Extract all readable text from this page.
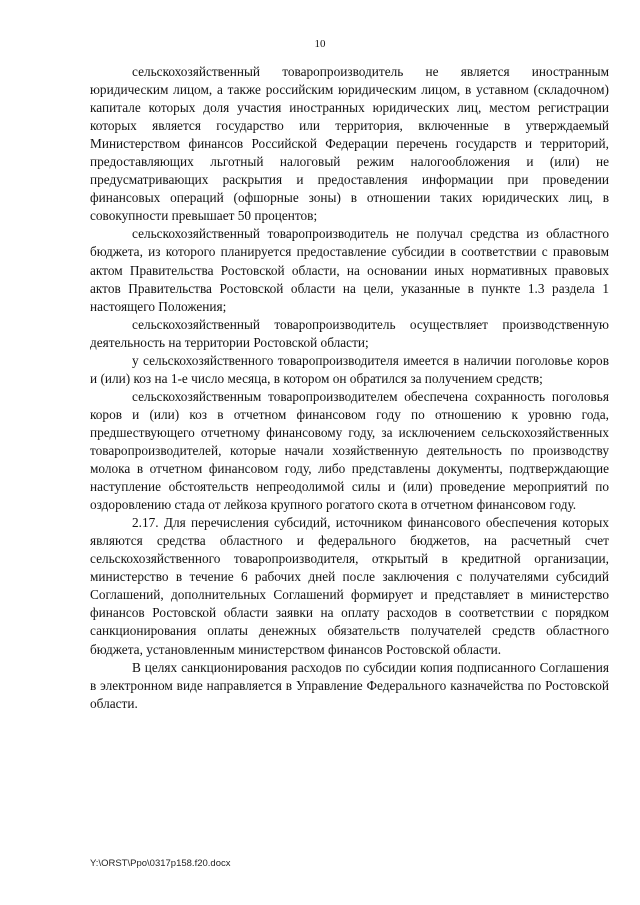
10

сельскохозяйственный товаропроизводитель не является иностранным юридическим лицом, а также российским юридическим лицом, в уставном (складочном) капитале которых доля участия иностранных юридических лиц, местом регистрации которых является государство или территория, включенные в утверждаемый Министерством финансов Российской Федерации перечень государств и территорий, предоставляющих льготный налоговый режим налогообложения и (или) не предусматривающих раскрытия и предоставления информации при проведении финансовых операций (офшорные зоны) в отношении таких юридических лиц, в совокупности превышает 50 процентов;

сельскохозяйственный товаропроизводитель не получал средства из областного бюджета, из которого планируется предоставление субсидии в соответствии с правовым актом Правительства Ростовской области, на основании иных нормативных правовых актов Правительства Ростовской области на цели, указанные в пункте 1.3 раздела 1 настоящего Положения;

сельскохозяйственный товаропроизводитель осуществляет производственную деятельность на территории Ростовской области;

у сельскохозяйственного товаропроизводителя имеется в наличии поголовье коров и (или) коз на 1-е число месяца, в котором он обратился за получением средств;

сельскохозяйственным товаропроизводителем обеспечена сохранность поголовья коров и (или) коз в отчетном финансовом году по отношению к уровню года, предшествующего отчетному финансовому году, за исключением сельскохозяйственных товаропроизводителей, которые начали хозяйственную деятельность по производству молока в отчетном финансовом году, либо представлены документы, подтверждающие наступление обстоятельств непреодолимой силы и (или) проведение мероприятий по оздоровлению стада от лейкоза крупного рогатого скота в отчетном финансовом году.

2.17. Для перечисления субсидий, источником финансового обеспечения которых являются средства областного и федерального бюджетов, на расчетный счет сельскохозяйственного товаропроизводителя, открытый в кредитной организации, министерство в течение 6 рабочих дней после заключения с получателями субсидий Соглашений, дополнительных Соглашений формирует и представляет в министерство финансов Ростовской области заявки на оплату расходов в соответствии с порядком санкционирования оплаты денежных обязательств получателей средств областного бюджета, установленным министерством финансов Ростовской области.

В целях санкционирования расходов по субсидии копия подписанного Соглашения в электронном виде направляется в Управление Федерального казначейства по Ростовской области.

Y:\ORST\Ppo\0317p158.f20.docx
